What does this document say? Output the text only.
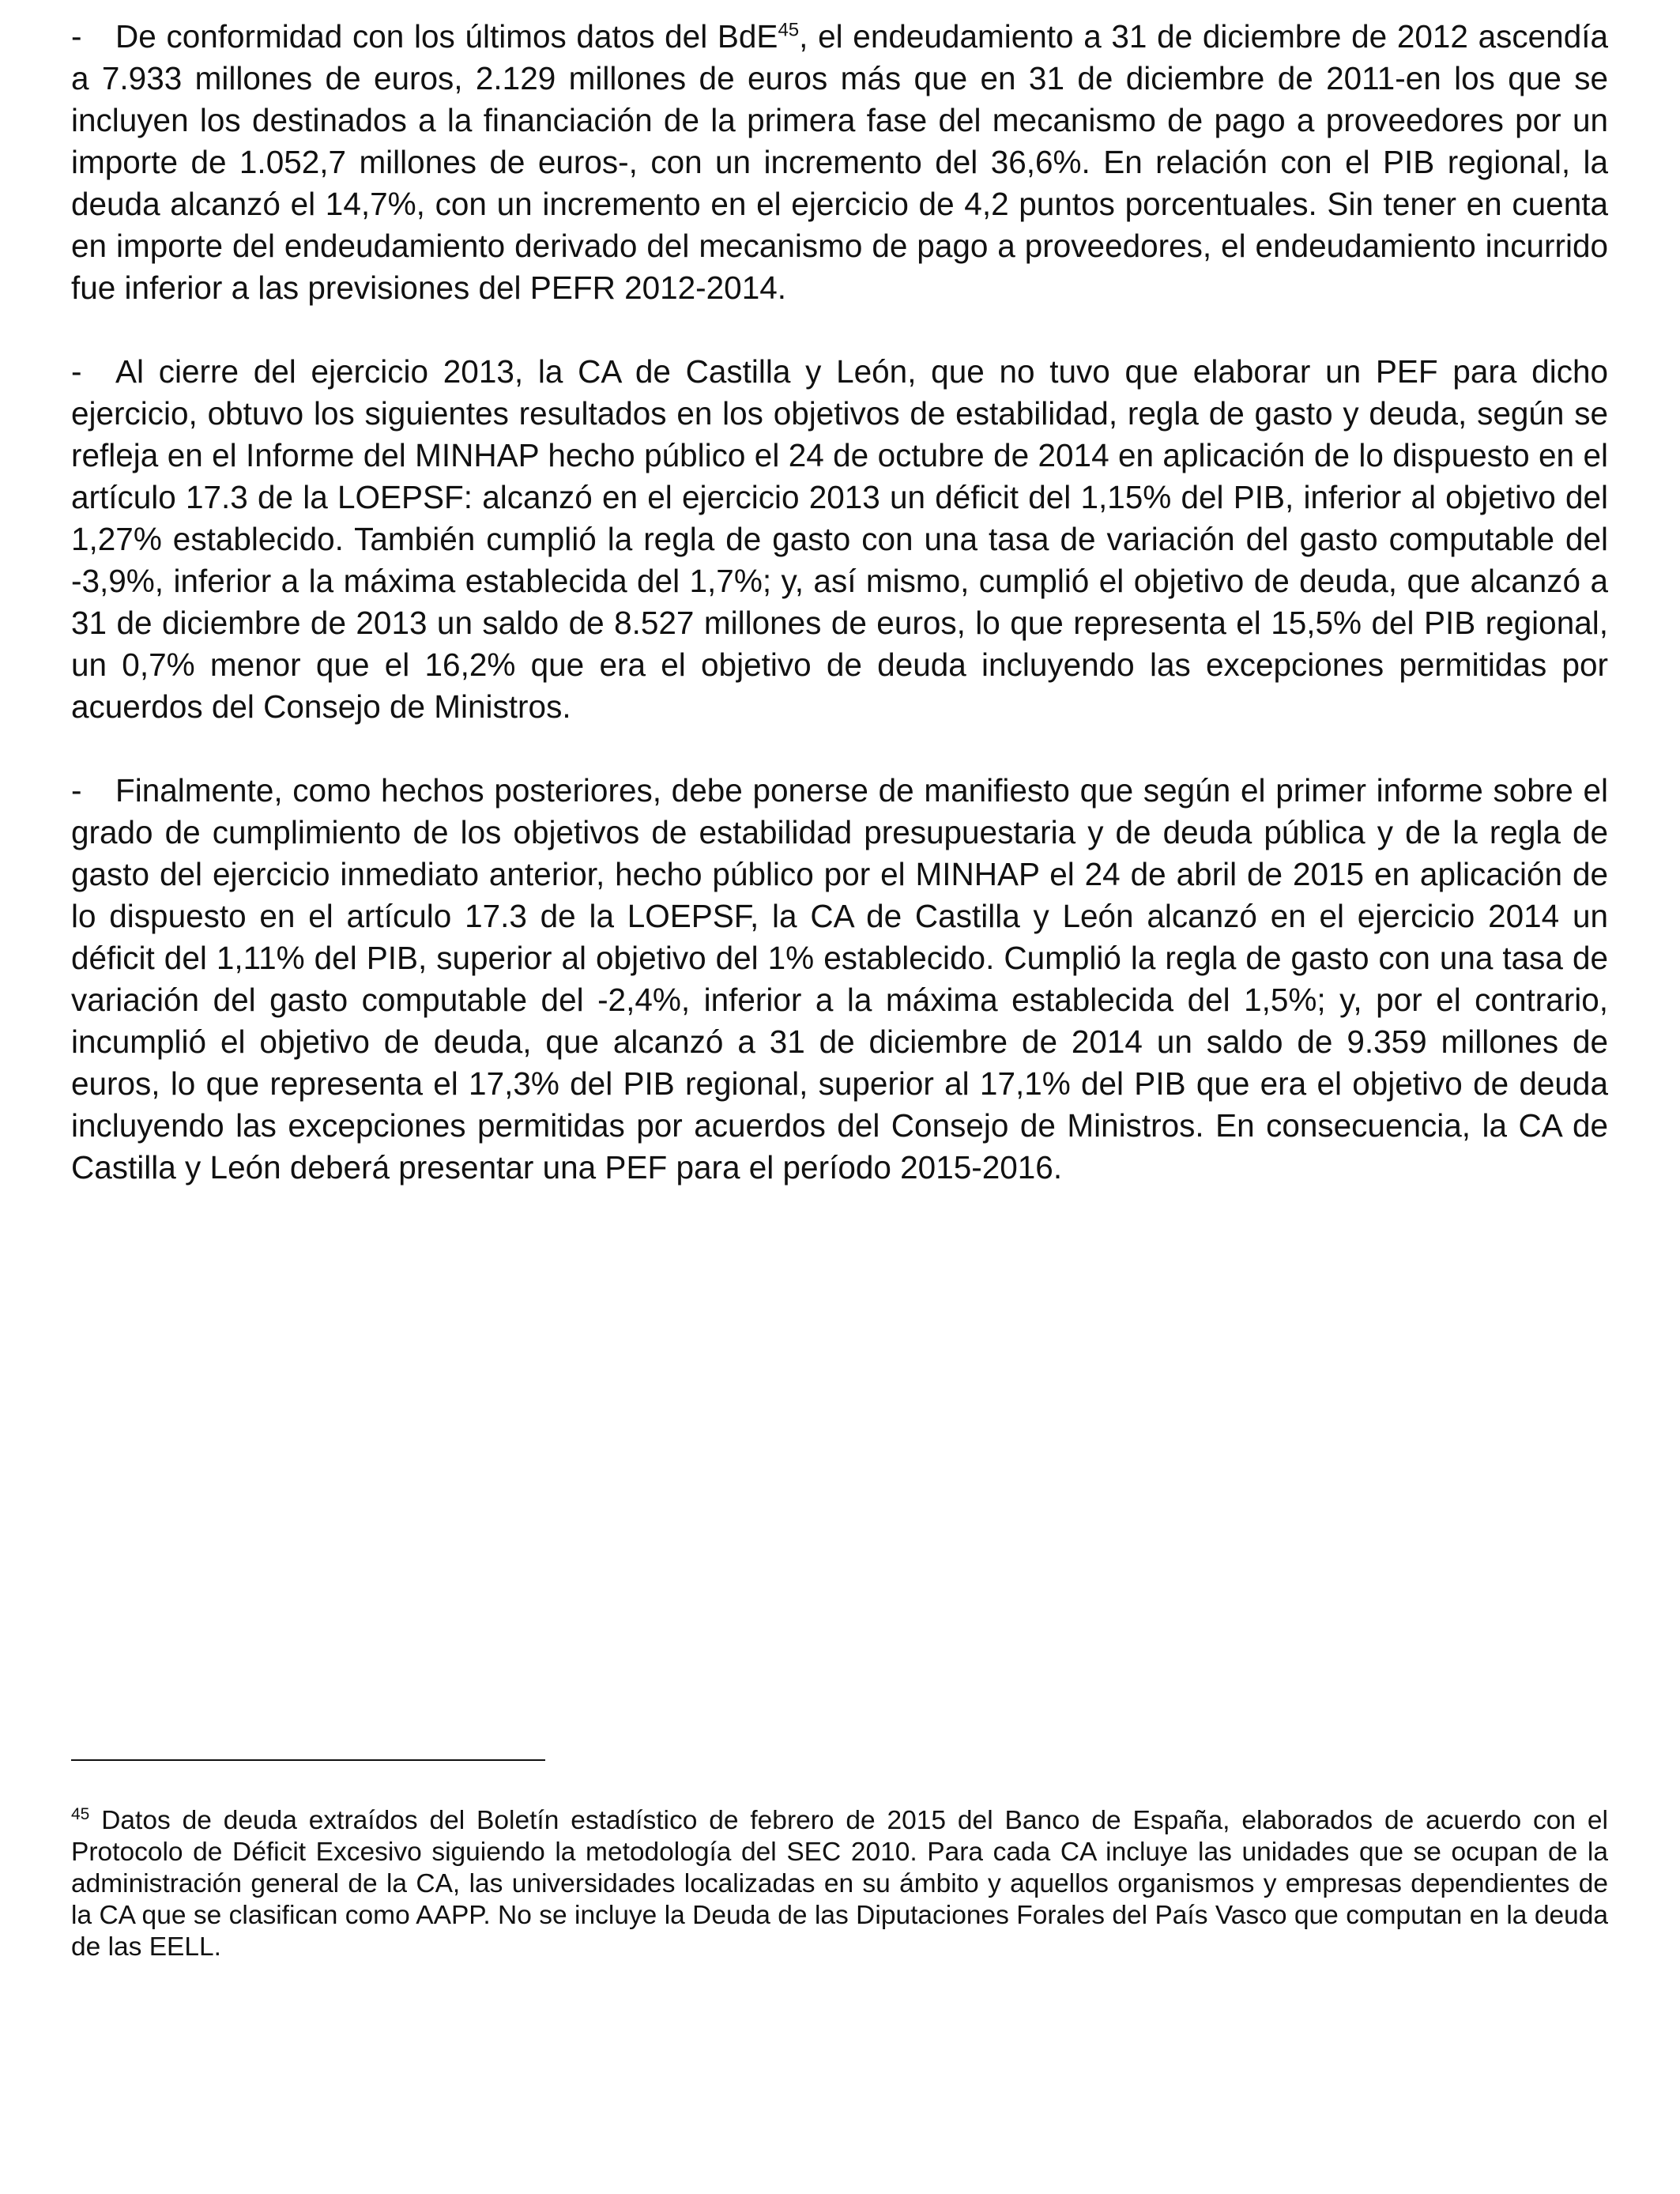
- De conformidad con los últimos datos del BdE$^{45}$, el endeudamiento a 31 de diciembre de 2012 ascendía a 7.933 millones de euros, 2.129 millones de euros más que en 31 de diciembre de 2011-en los que se incluyen los destinados a la financiación de la primera fase del mecanismo de pago a proveedores por un importe de 1.052,7 millones de euros-, con un incremento del 36,6%. En relación con el PIB regional, la deuda alcanzó el 14,7%, con un incremento en el ejercicio de 4,2 puntos porcentuales. Sin tener en cuenta en importe del endeudamiento derivado del mecanismo de pago a proveedores, el endeudamiento incurrido fue inferior a las previsiones del PEFR 2012-2014.

- Al cierre del ejercicio 2013, la CA de Castilla y León, que no tuvo que elaborar un PEF para dicho ejercicio, obtuvo los siguientes resultados en los objetivos de estabilidad, regla de gasto y deuda, según se refleja en el Informe del MINHAP hecho público el 24 de octubre de 2014 en aplicación de lo dispuesto en el artículo 17.3 de la LOEPSF: alcanzó en el ejercicio 2013 un déficit del 1,15% del PIB, inferior al objetivo del 1,27% establecido. También cumplió la regla de gasto con una tasa de variación del gasto computable del -3,9%, inferior a la máxima establecida del 1,7%; y, así mismo, cumplió el objetivo de deuda, que alcanzó a 31 de diciembre de 2013 un saldo de 8.527 millones de euros, lo que representa el 15,5% del PIB regional, un 0,7% menor que el 16,2% que era el objetivo de deuda incluyendo las excepciones permitidas por acuerdos del Consejo de Ministros.

- Finalmente, como hechos posteriores, debe ponerse de manifiesto que según el primer informe sobre el grado de cumplimiento de los objetivos de estabilidad presupuestaria y de deuda pública y de la regla de gasto del ejercicio inmediato anterior, hecho público por el MINHAP el 24 de abril de 2015 en aplicación de lo dispuesto en el artículo 17.3 de la LOEPSF, la CA de Castilla y León alcanzó en el ejercicio 2014 un déficit del 1,11% del PIB, superior al objetivo del 1% establecido. Cumplió la regla de gasto con una tasa de variación del gasto computable del -2,4%, inferior a la máxima establecida del 1,5%; y, por el contrario, incumplió el objetivo de deuda, que alcanzó a 31 de diciembre de 2014 un saldo de 9.359 millones de euros, lo que representa el 17,3% del PIB regional, superior al 17,1% del PIB que era el objetivo de deuda incluyendo las excepciones permitidas por acuerdos del Consejo de Ministros. En consecuencia, la CA de Castilla y León deberá presentar una PEF para el período 2015-2016.

$^{45}$ Datos de deuda extraídos del Boletín estadístico de febrero de 2015 del Banco de España, elaborados de acuerdo con el Protocolo de Déficit Excesivo siguiendo la metodología del SEC 2010. Para cada CA incluye las unidades que se ocupan de la administración general de la CA, las universidades localizadas en su ámbito y aquellos organismos y empresas dependientes de la CA que se clasifican como AAPP. No se incluye la Deuda de las Diputaciones Forales del País Vasco que computan en la deuda de las EELL.
